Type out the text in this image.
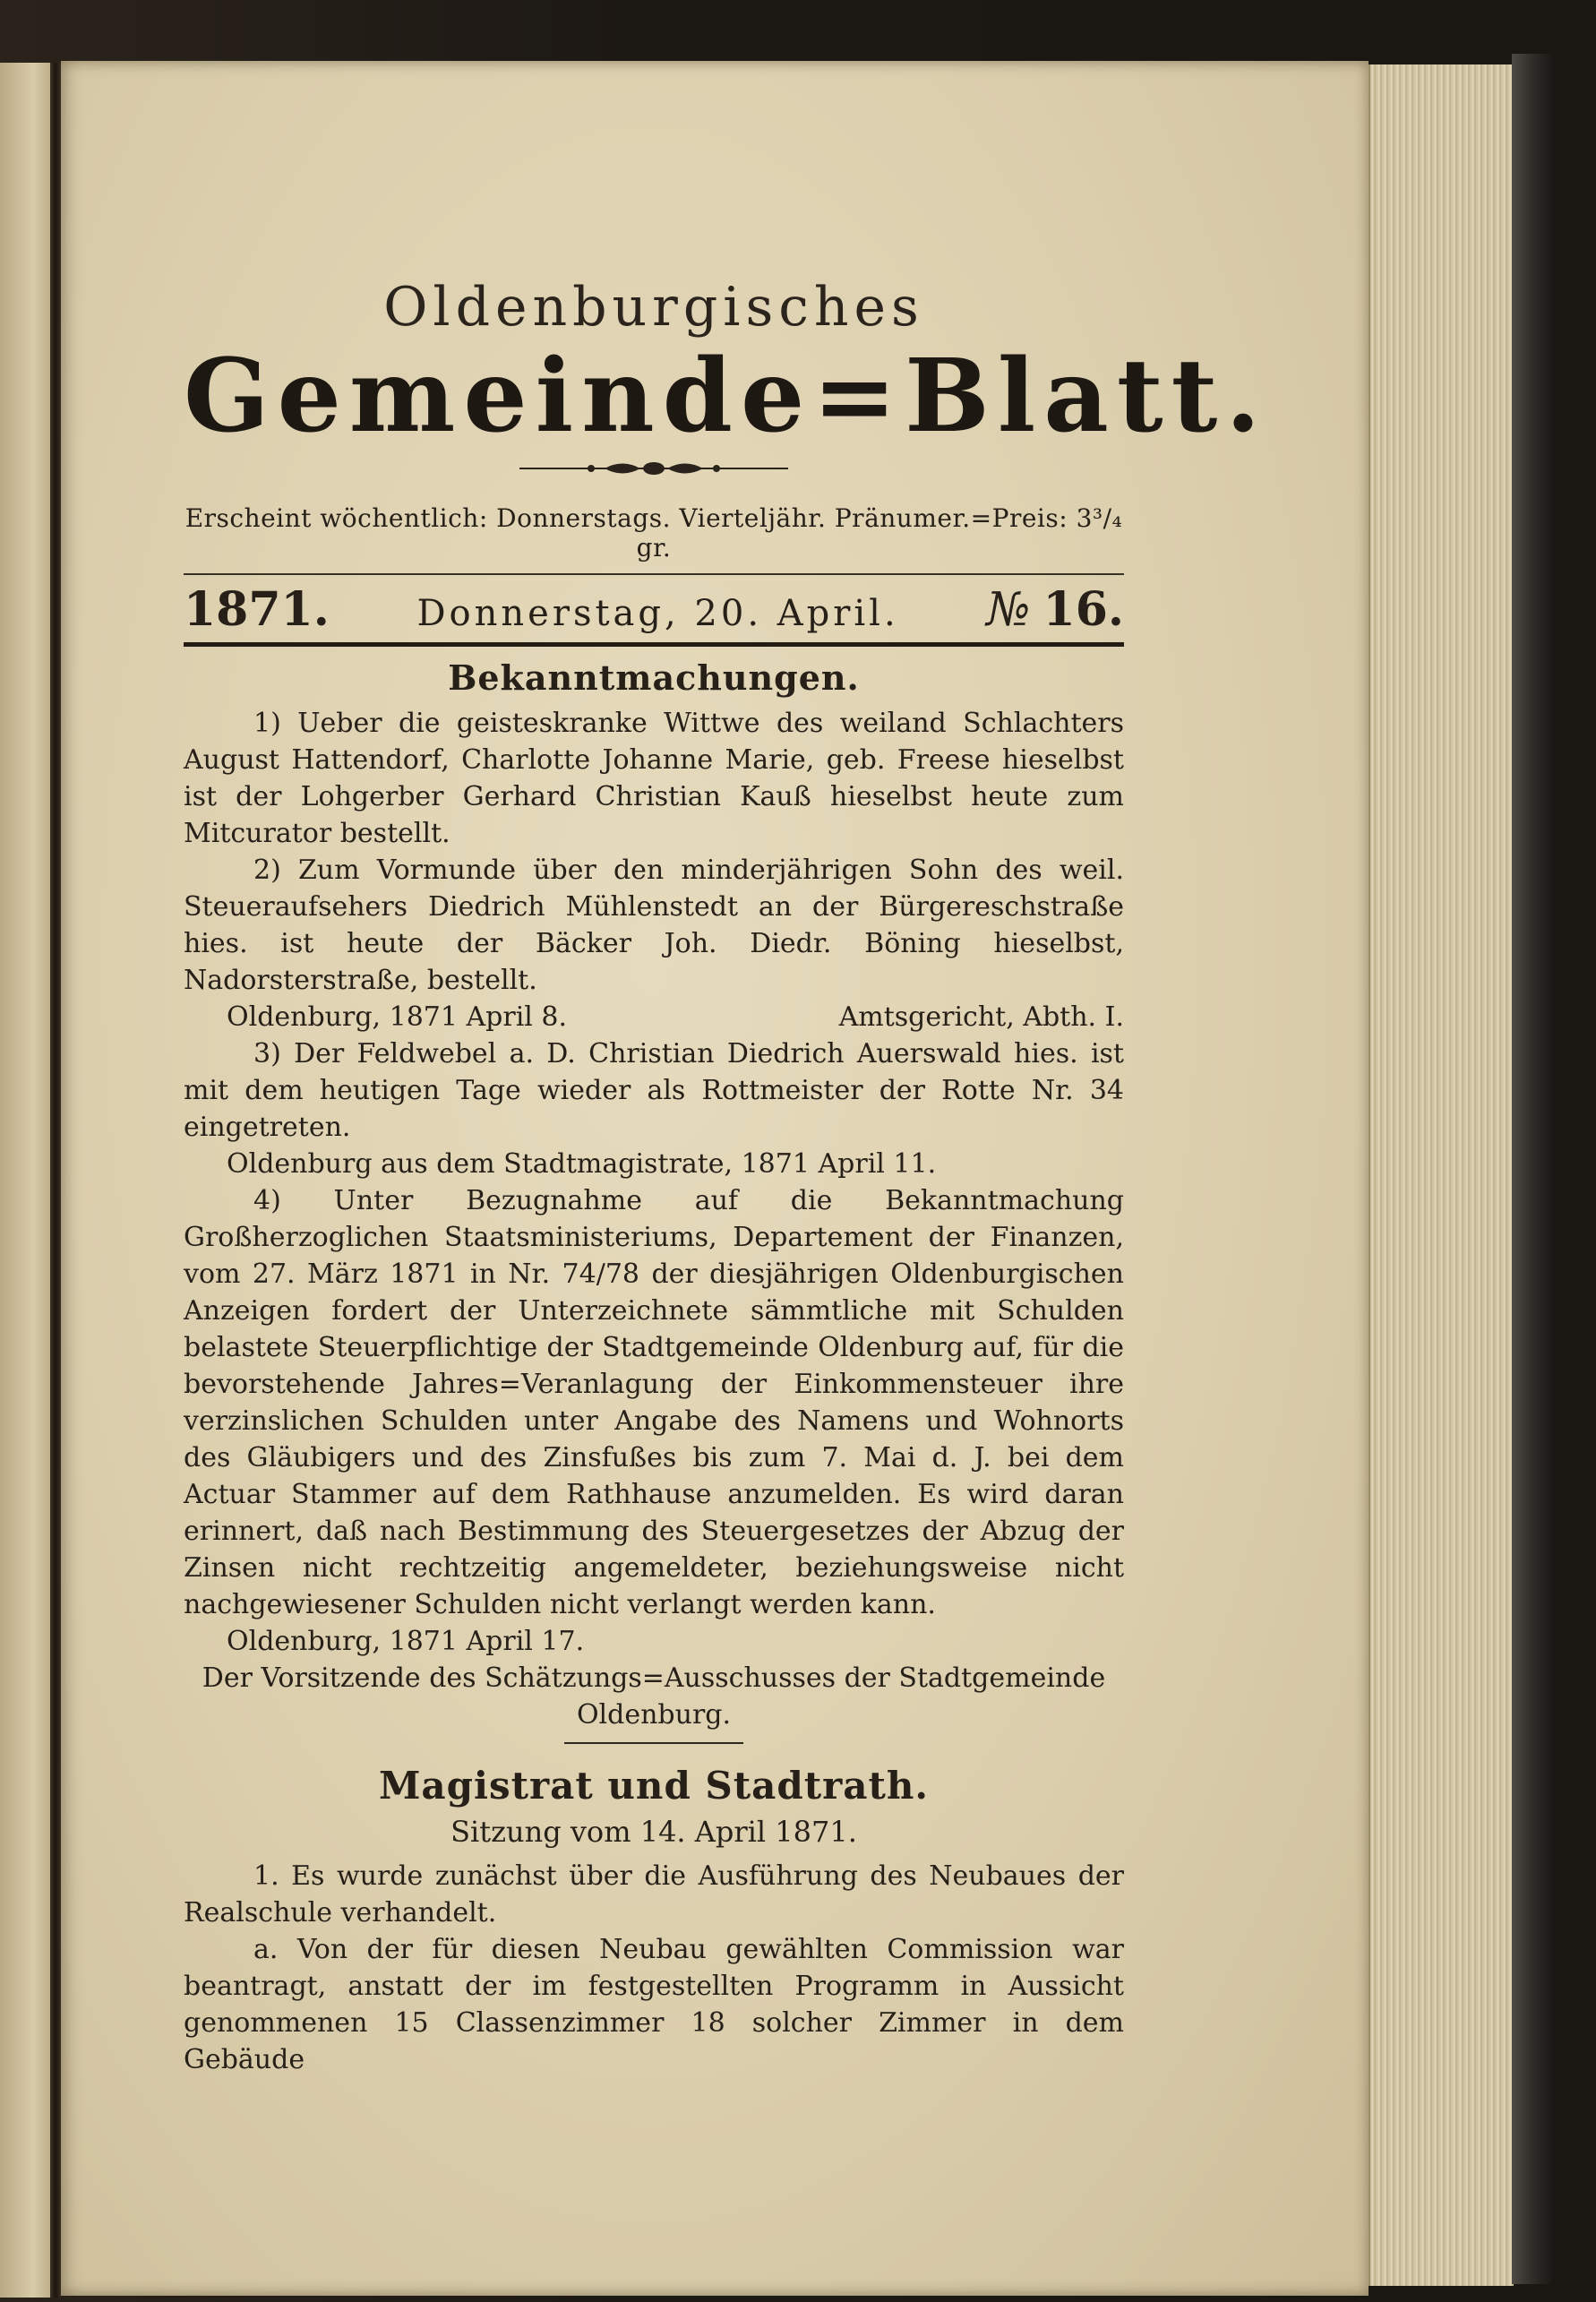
Oldenburgisches
Gemeinde=Blatt.
Erscheint wöchentlich: Donnerstags. Vierteljähr. Pränumer.=Preis: 3³/₄ gr.
1871. Donnerstag, 20. April. № 16.
Bekanntmachungen.

1) Ueber die geisteskranke Wittwe des weiland Schlachters August Hattendorf, Charlotte Johanne Marie, geb. Freese hieselbst ist der Lohgerber Gerhard Christian Kauß hieselbst heute zum Mitcurator bestellt.

2) Zum Vormunde über den minderjährigen Sohn des weil. Steueraufsehers Diedrich Mühlenstedt an der Bürgereschstraße hies. ist heute der Bäcker Joh. Diedr. Böning hieselbst, Nadorsterstraße, bestellt.

Oldenburg, 1871 April 8.	Amtsgericht, Abth. I.

3) Der Feldwebel a. D. Christian Diedrich Auerswald hies. ist mit dem heutigen Tage wieder als Rottmeister der Rotte Nr. 34 eingetreten.

Oldenburg aus dem Stadtmagistrate, 1871 April 11.

4) Unter Bezugnahme auf die Bekanntmachung Großherzoglichen Staatsministeriums, Departement der Finanzen, vom 27. März 1871 in Nr. 74/78 der diesjährigen Oldenburgischen Anzeigen fordert der Unterzeichnete sämmtliche mit Schulden belastete Steuerpflichtige der Stadtgemeinde Oldenburg auf, für die bevorstehende Jahres=Veranlagung der Einkommensteuer ihre verzinslichen Schulden unter Angabe des Namens und Wohnorts des Gläubigers und des Zinsfußes bis zum 7. Mai d. J. bei dem Actuar Stammer auf dem Rathhause anzumelden. Es wird daran erinnert, daß nach Bestimmung des Steuergesetzes der Abzug der Zinsen nicht rechtzeitig angemeldeter, beziehungsweise nicht nachgewiesener Schulden nicht verlangt werden kann.

Oldenburg, 1871 April 17.
Der Vorsitzende des Schätzungs=Ausschusses der Stadtgemeinde Oldenburg.
Magistrat und Stadtrath.
Sitzung vom 14. April 1871.

1. Es wurde zunächst über die Ausführung des Neubaues der Realschule verhandelt.

a. Von der für diesen Neubau gewählten Commission war beantragt, anstatt der im festgestellten Programm in Aussicht genommenen 15 Classenzimmer 18 solcher Zimmer in dem Gebäude
